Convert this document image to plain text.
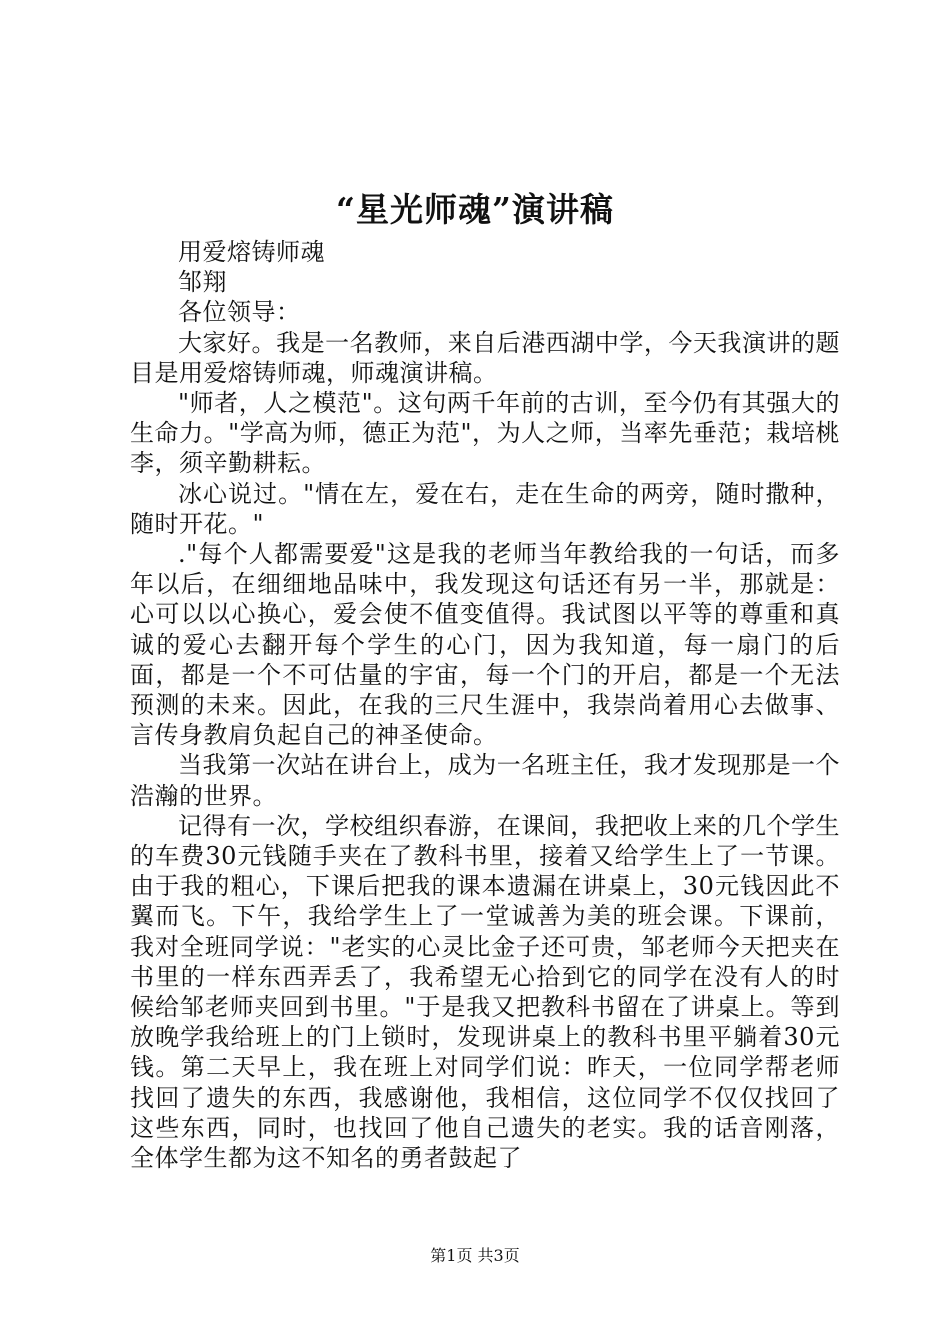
“星光师魂”演讲稿

用爱熔铸师魂

邹翔

各位领导：

大家好。我是一名教师，来自后港西湖中学，今天我演讲的题目是用爱熔铸师魂，师魂演讲稿。

"师者，人之模范"。这句两千年前的古训，至今仍有其强大的生命力。"学高为师，德正为范"，为人之师，当率先垂范；栽培桃李，须辛勤耕耘。

冰心说过。"情在左，爱在右，走在生命的两旁，随时撒种，随时开花。"

."每个人都需要爱"这是我的老师当年教给我的一句话，而多年以后，在细细地品味中，我发现这句话还有另一半，那就是：心可以以心换心，爱会使不值变值得。我试图以平等的尊重和真诚的爱心去翻开每个学生的心门，因为我知道，每一扇门的后面，都是一个不可估量的宇宙，每一个门的开启，都是一个无法预测的未来。因此，在我的三尺生涯中，我崇尚着用心去做事、言传身教肩负起自己的神圣使命。

当我第一次站在讲台上，成为一名班主任，我才发现那是一个浩瀚的世界。

记得有一次，学校组织春游，在课间，我把收上来的几个学生的车费30元钱随手夹在了教科书里，接着又给学生上了一节课。由于我的粗心，下课后把我的课本遗漏在讲桌上，30元钱因此不翼而飞。下午，我给学生上了一堂诚善为美的班会课。下课前，我对全班同学说："老实的心灵比金子还可贵，邹老师今天把夹在书里的一样东西弄丢了，我希望无心拾到它的同学在没有人的时候给邹老师夹回到书里。"于是我又把教科书留在了讲桌上。等到放晚学我给班上的门上锁时，发现讲桌上的教科书里平躺着30元钱。第二天早上，我在班上对同学们说：昨天，一位同学帮老师找回了遗失的东西，我感谢他，我相信，这位同学不仅仅找回了这些东西，同时，也找回了他自己遗失的老实。我的话音刚落，全体学生都为这不知名的勇者鼓起了

第1页 共3页
